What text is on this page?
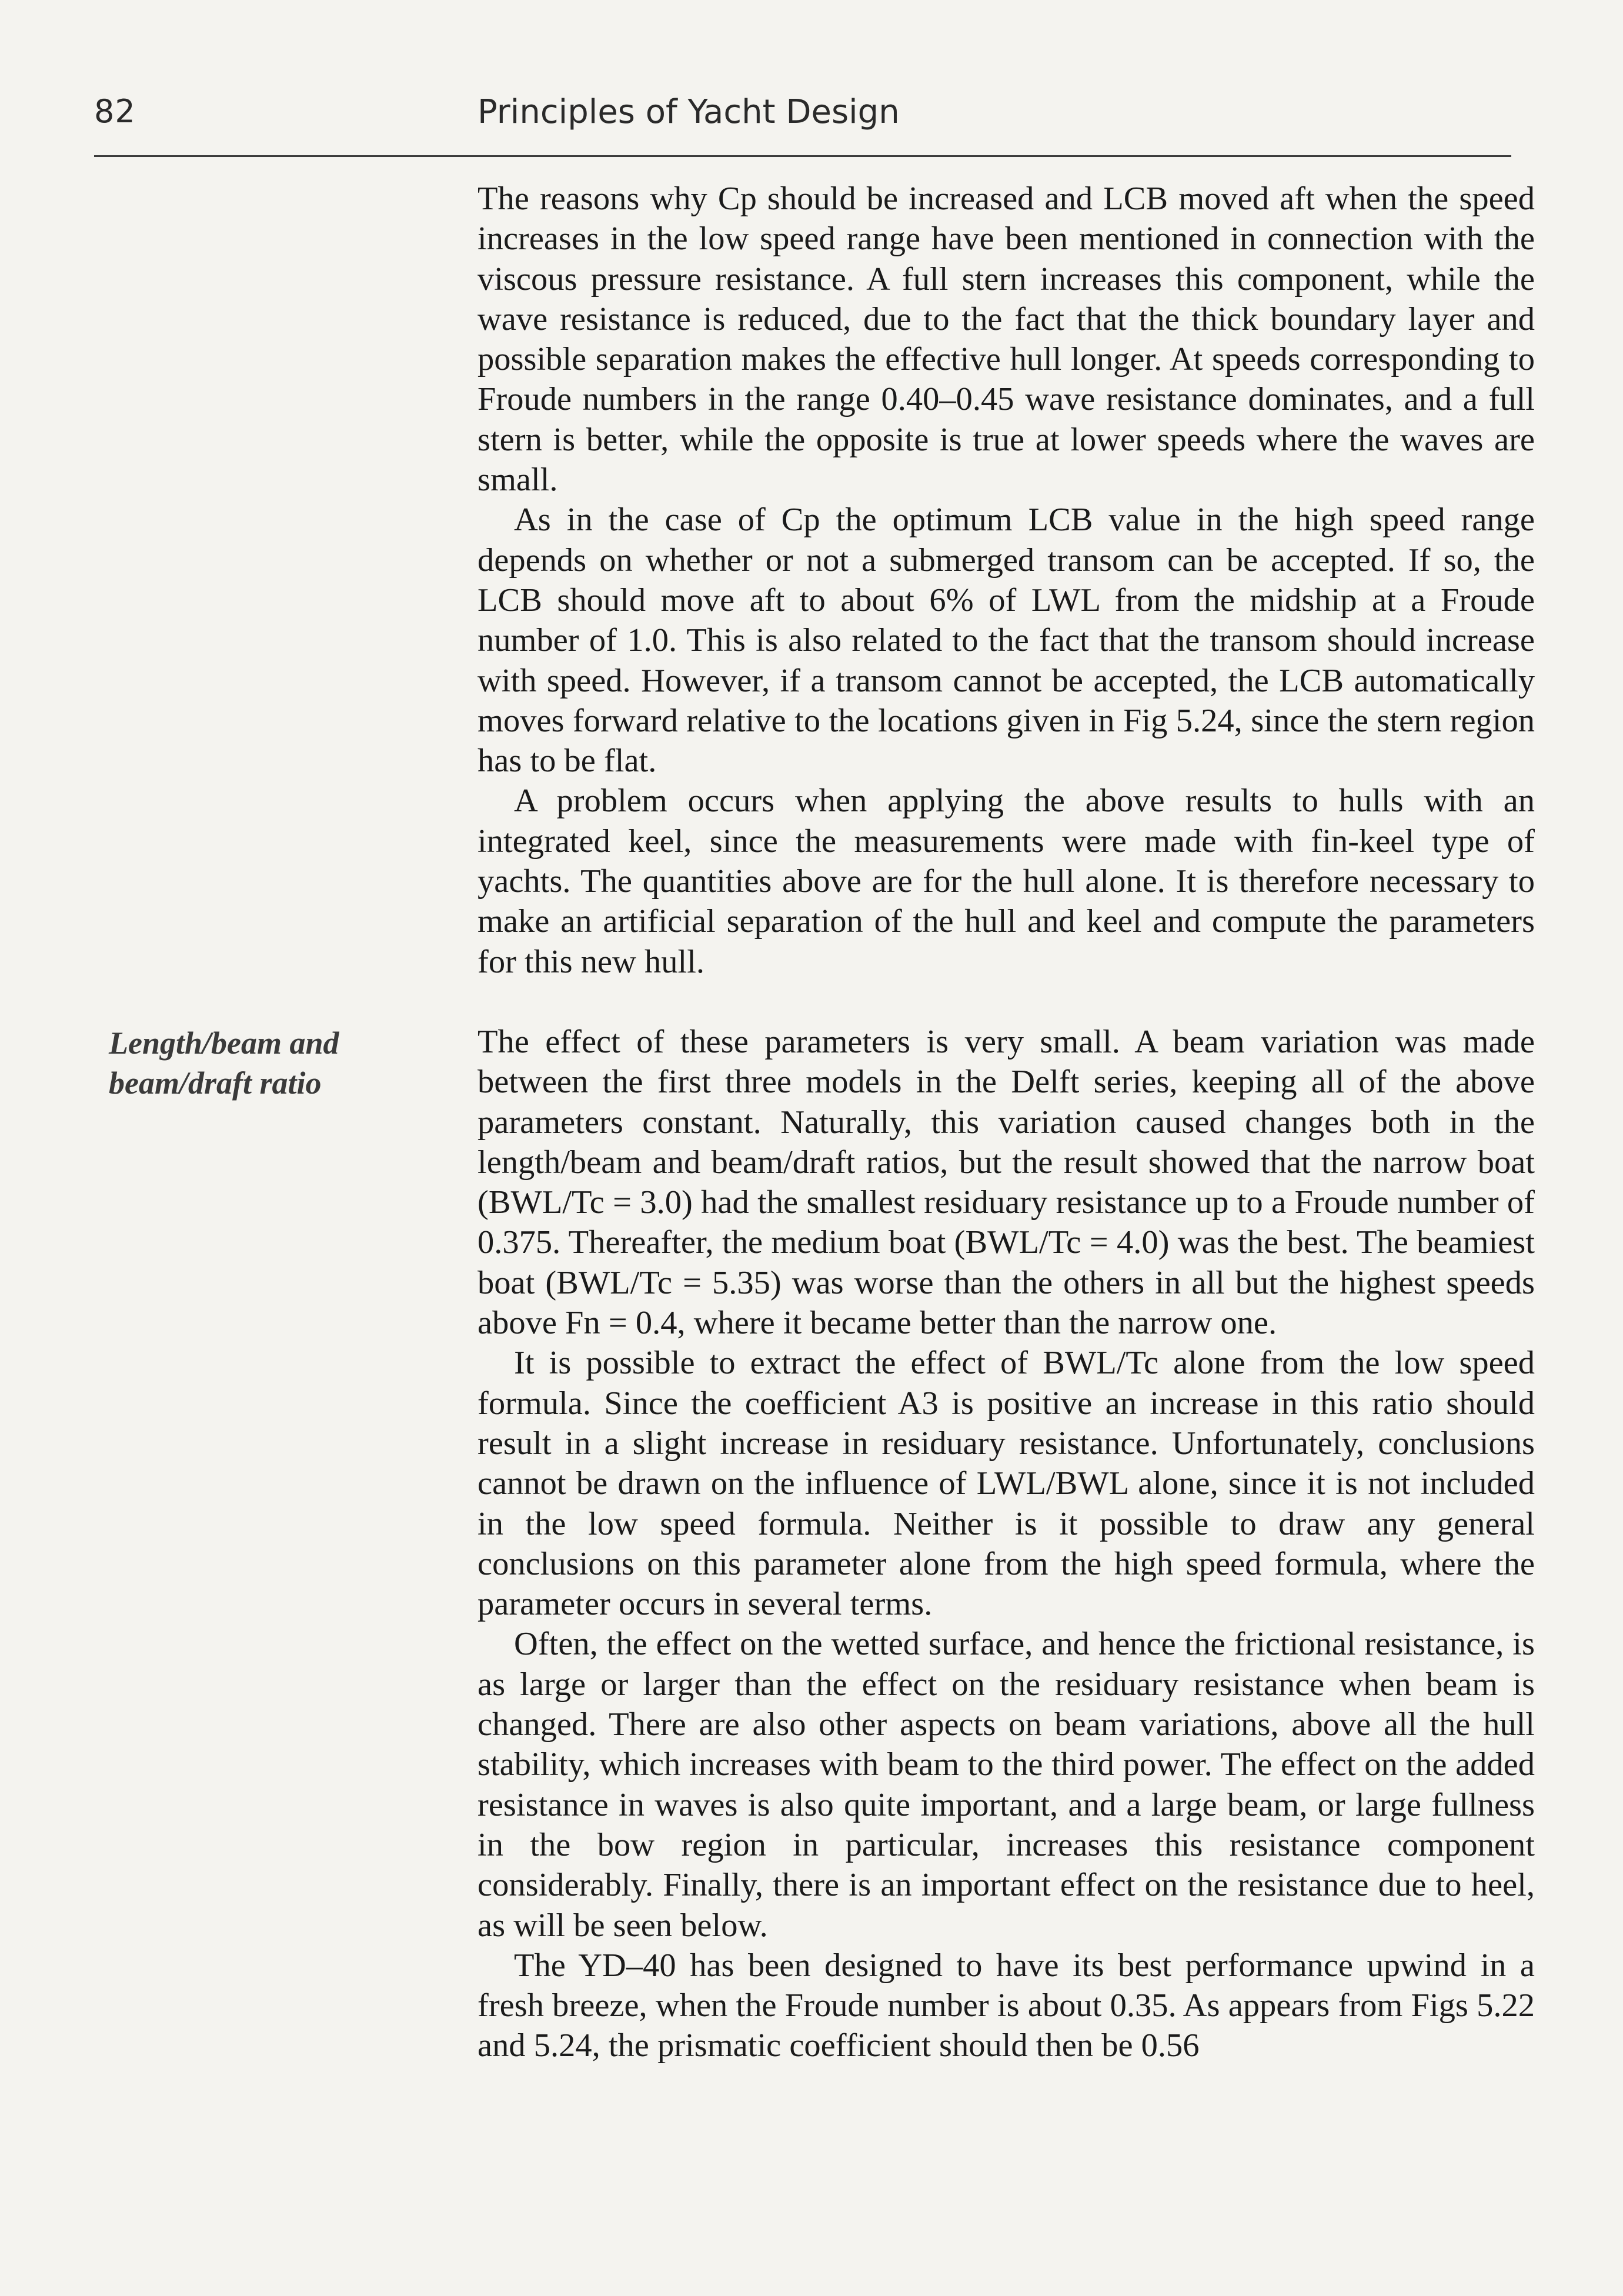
82	Principles of Yacht Design

The reasons why Cp should be increased and LCB moved aft when the speed increases in the low speed range have been mentioned in connection with the viscous pressure resistance. A full stern increases this component, while the wave resistance is reduced, due to the fact that the thick boundary layer and possible separation makes the effective hull longer. At speeds corresponding to Froude numbers in the range 0.40–0.45 wave resistance dominates, and a full stern is better, while the opposite is true at lower speeds where the waves are small.

As in the case of Cp the optimum LCB value in the high speed range depends on whether or not a submerged transom can be accepted. If so, the LCB should move aft to about 6% of LWL from the midship at a Froude number of 1.0. This is also related to the fact that the transom should increase with speed. However, if a transom cannot be accepted, the LCB automatically moves forward relative to the locations given in Fig 5.24, since the stern region has to be flat.

A problem occurs when applying the above results to hulls with an integrated keel, since the measurements were made with fin-keel type of yachts. The quantities above are for the hull alone. It is therefore necessary to make an artificial separation of the hull and keel and compute the parameters for this new hull.

Length/beam and
beam/draft ratio

The effect of these parameters is very small. A beam variation was made between the first three models in the Delft series, keeping all of the above parameters constant. Naturally, this variation caused changes both in the length/beam and beam/draft ratios, but the result showed that the narrow boat (BWL/Tc = 3.0) had the smallest residuary resistance up to a Froude number of 0.375. Thereafter, the medium boat (BWL/Tc = 4.0) was the best. The beamiest boat (BWL/Tc = 5.35) was worse than the others in all but the highest speeds above Fn = 0.4, where it became better than the narrow one.

It is possible to extract the effect of BWL/Tc alone from the low speed formula. Since the coefficient A3 is positive an increase in this ratio should result in a slight increase in residuary resistance. Unfortunately, conclusions cannot be drawn on the influence of LWL/BWL alone, since it is not included in the low speed formula. Neither is it possible to draw any general conclusions on this parameter alone from the high speed formula, where the parameter occurs in several terms.

Often, the effect on the wetted surface, and hence the frictional resistance, is as large or larger than the effect on the residuary resistance when beam is changed. There are also other aspects on beam variations, above all the hull stability, which increases with beam to the third power. The effect on the added resistance in waves is also quite important, and a large beam, or large fullness in the bow region in particular, increases this resistance component considerably. Finally, there is an important effect on the resistance due to heel, as will be seen below.

The YD–40 has been designed to have its best performance upwind in a fresh breeze, when the Froude number is about 0.35. As appears from Figs 5.22 and 5.24, the prismatic coefficient should then be 0.56
